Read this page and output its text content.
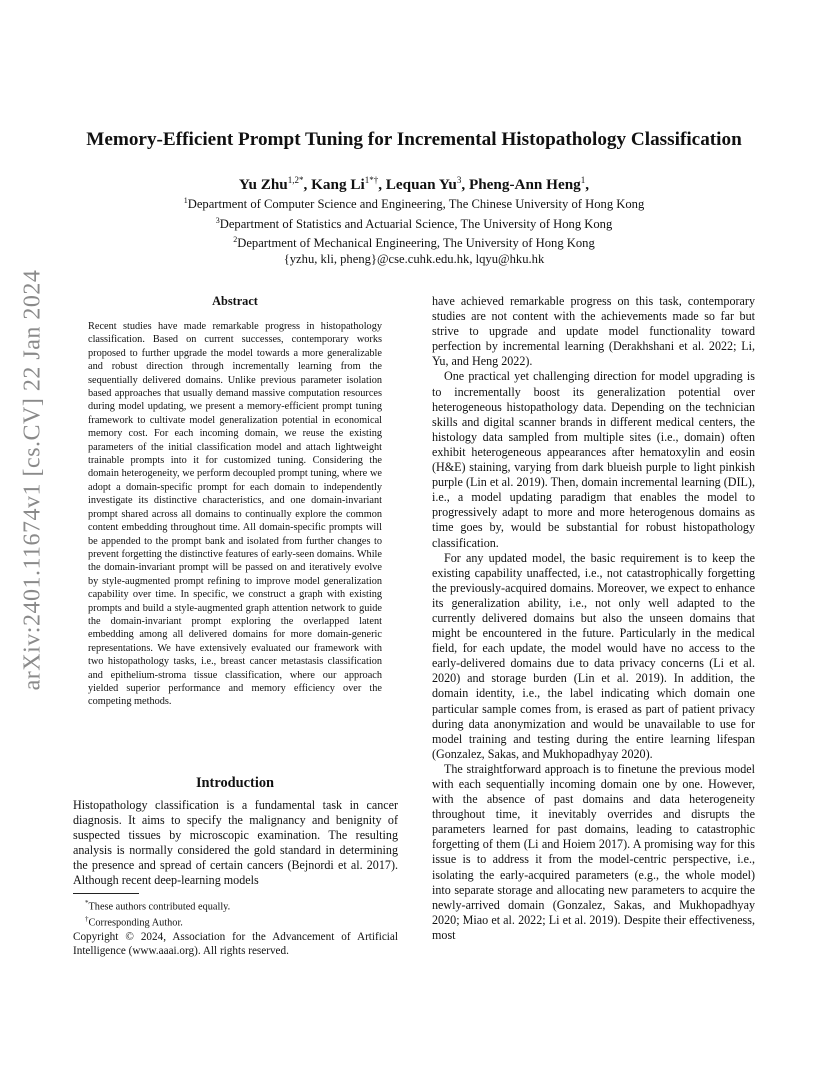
arXiv:2401.11674v1 [cs.CV] 22 Jan 2024
Memory-Efficient Prompt Tuning for Incremental Histopathology Classification
Yu Zhu$^{1,2*}$, Kang $Li^{1*\dagger}$, Lequan Yu$^3$, Pheng-Ann Heng$^1$,
$^1$Department of Computer Science and Engineering, The Chinese University of Hong Kong
$^3$Department of Statistics and Actuarial Science, The University of Hong Kong
$^2$Department of Mechanical Engineering, The University of Hong Kong
{yzhu, kli, pheng}@cse.cuhk.edu.hk, lqyu@hku.hk
Abstract

Recent studies have made remarkable progress in histopathology classification. Based on current successes, contemporary works proposed to further upgrade the model towards a more generalizable and robust direction through incrementally learning from the sequentially delivered domains. Unlike previous parameter isolation based approaches that usually demand massive computation resources during model updating, we present a memory-efficient prompt tuning framework to cultivate model generalization potential in economical memory cost. For each incoming domain, we reuse the existing parameters of the initial classification model and attach lightweight trainable prompts into it for customized tuning. Considering the domain heterogeneity, we perform decoupled prompt tuning, where we adopt a domain-specific prompt for each domain to independently investigate its distinctive characteristics, and one domain-invariant prompt shared across all domains to continually explore the common content embedding throughout time. All domain-specific prompts will be appended to the prompt bank and isolated from further changes to prevent forgetting the distinctive features of early-seen domains. While the domain-invariant prompt will be passed on and iteratively evolve by style-augmented prompt refining to improve model generalization capability over time. In specific, we construct a graph with existing prompts and build a style-augmented graph attention network to guide the domain-invariant prompt exploring the overlapped latent embedding among all delivered domains for more domain-generic representations. We have extensively evaluated our framework with two histopathology tasks, i.e., breast cancer metastasis classification and epithelium-stroma tissue classification, where our approach yielded superior performance and memory efficiency over the competing methods.

Introduction

Histopathology classification is a fundamental task in cancer diagnosis. It aims to specify the malignancy and benignity of suspected tissues by microscopic examination. The resulting analysis is normally considered the gold standard in determining the presence and spread of certain cancers (Bejnordi et al. 2017). Although recent deep-learning models

*These authors contributed equally.
†Corresponding Author.
Copyright © 2024, Association for the Advancement of Artificial Intelligence (www.aaai.org). All rights reserved.

have achieved remarkable progress on this task, contemporary studies are not content with the achievements made so far but strive to upgrade and update model functionality toward perfection by incremental learning (Derakhshani et al. 2022; Li, Yu, and Heng 2022).

One practical yet challenging direction for model upgrading is to incrementally boost its generalization potential over heterogeneous histopathology data. Depending on the technician skills and digital scanner brands in different medical centers, the histology data sampled from multiple sites (i.e., domain) often exhibit heterogeneous appearances after hematoxylin and eosin (H&E) staining, varying from dark blueish purple to light pinkish purple (Lin et al. 2019). Then, domain incremental learning (DIL), i.e., a model updating paradigm that enables the model to progressively adapt to more and more heterogenous domains as time goes by, would be substantial for robust histopathology classification.

For any updated model, the basic requirement is to keep the existing capability unaffected, i.e., not catastrophically forgetting the previously-acquired domains. Moreover, we expect to enhance its generalization ability, i.e., not only well adapted to the currently delivered domains but also the unseen domains that might be encountered in the future. Particularly in the medical field, for each update, the model would have no access to the early-delivered domains due to data privacy concerns (Li et al. 2020) and storage burden (Lin et al. 2019). In addition, the domain identity, i.e., the label indicating which domain one particular sample comes from, is erased as part of patient privacy during data anonymization and would be unavailable to use for model training and testing during the entire learning lifespan (Gonzalez, Sakas, and Mukhopadhyay 2020).

The straightforward approach is to finetune the previous model with each sequentially incoming domain one by one. However, with the absence of past domains and data heterogeneity throughout time, it inevitably overrides and disrupts the parameters learned for past domains, leading to catastrophic forgetting of them (Li and Hoiem 2017). A promising way for this issue is to address it from the model-centric perspective, i.e., isolating the early-acquired parameters (e.g., the whole model) into separate storage and allocating new parameters to acquire the newly-arrived domain (Gonzalez, Sakas, and Mukhopadhyay 2020; Miao et al. 2022; Li et al. 2019). Despite their effectiveness, most
